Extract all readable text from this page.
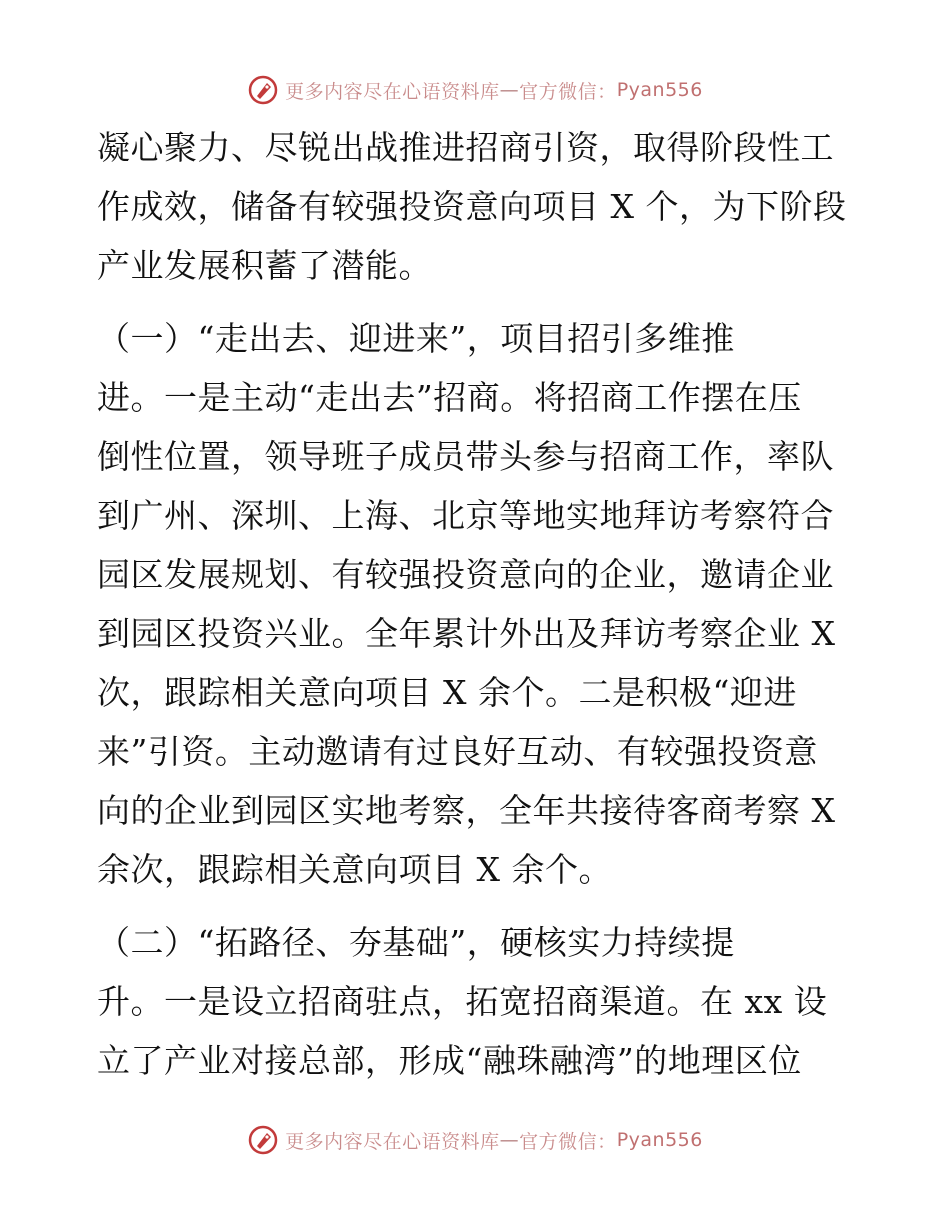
更多内容尽在心语资料库 — 官方微信： Pyan556
凝心聚力、尽锐出战推进招商引资，取得阶段性工
作成效，储备有较强投资意向项目 X 个，为下阶段
产业发展积蓄了潜能。
（一）“走出去、迎进来”，项目招引多维推
进。一是主动“走出去”招商。将招商工作摆在压
倒性位置，领导班子成员带头参与招商工作，率队
到广州、深圳、上海、北京等地实地拜访考察符合
园区发展规划、有较强投资意向的企业，邀请企业
到园区投资兴业。全年累计外出及拜访考察企业 X
次，跟踪相关意向项目 X 余个。二是积极“迎进
来”引资。主动邀请有过良好互动、有较强投资意
向的企业到园区实地考察，全年共接待客商考察 X
余次，跟踪相关意向项目 X 余个。
（二）“拓路径、夯基础”，硬核实力持续提
升。一是设立招商驻点，拓宽招商渠道。在 xx 设
立了产业对接总部，形成“融珠融湾”的地理区位
更多内容尽在心语资料库 — 官方微信： Pyan556
